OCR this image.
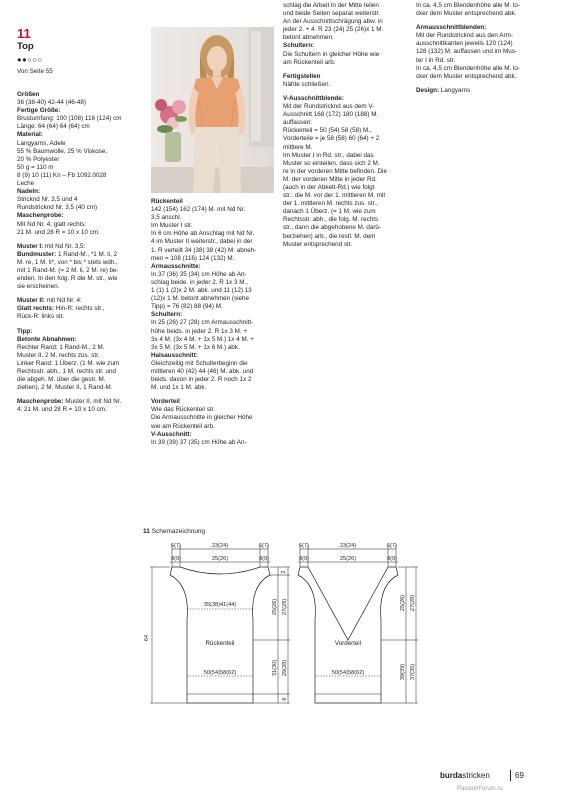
11
Top
●●○○○
Von Seite 55

Größen

36 (38-40) 42-44 (46-48)

Fertige Größe:

Brustumfang: 100 (108) 116 (124) cm

Länge: 64 (64) 64 (64) cm

Material:

Langyarns, Adele

55 % Baumwolle, 25 % Viskose,

20 % Polyester

50 g = 110 m

8 (9) 10 (11) Kn – Fb 1092.0028

Leche

Nadeln:

Stricknd Nr. 3,5 und 4

Rundstricknd Nr. 3,5 (40 cm)

Maschenprobe:

Mit Nd Nr. 4, glatt rechts:

21 M. und 28 R = 10 x 10 cm.

Muster I: mit Nd Nr. 3,5:

Bundmuster: 1 Rand-M., *1 M. li, 2

M. re, 1 M. li*, von * bis * stets wdh.,

mit 1 Rand-M. (= 2 M. li, 2 M. re) be-

enden. In den folg. R die M. str., wie

sie erscheinen.

Muster II: mit Nd Nr. 4:

Glatt rechts: Hin-R: rechts str.,

Rück-R: links str.

Tipp:

Betonte Abnahmen:

Rechter Rand: 1 Rand-M., 2 M.

Muster II, 2 M. rechts zus. str.

Linker Rand: 1 Überz. (1 M. wie zum

Rechtsstr. abh., 1 M. rechts str. und

die abgeh. M. über die gestr. M.

ziehen), 2 M. Muster II, 1 Rand-M.

Maschenprobe: Muster II, mit Nd Nr.

4: 21 M. und 28 R = 10 x 10 cm.

Rückenteil

142 (154) 162 (174) M. mit Nd Nr.

3,5 anschl.

Im Muster I str.

In 6 cm Höhe ab Anschlag mit Nd Nr.

4 im Muster II weiterstr., dabei in der

1. R verteilt 34 (38) 38 (42) M. abneh-

men = 108 (116) 124 (132) M.

Armausschnitte:

In 37 (36) 35 (34) cm Höhe ab An-

schlag beide. in jeder 2. R 1x 3 M.,

1 (1) 1 (2)x 2 M. abk. und 11 (12) 13

(12)x 1 M. betont abnehmen (siehe

Tipp) = 76 (82) 88 (94) M.

Schultern:

In 25 (26) 27 (28) cm Armausschnitt-

höhe beids. in jeder 2. R 1x 3 M. +

3x 4 M. (3x 4 M. + 1x 5 M.) 1x 4 M. +

3x 5 M. (3x 5 M. + 1x 6 M.) abk.

Halsausschnitt:

Gleichzeitig mit Schulterbeginn die

mittleren 40 (42) 44 (46) M. abk. und

beids. davon in jeder 2. R noch 1x 2

M. und 1x 1 M. abk.

Vorderteil

Wie das Rückenteil str.

Die Armausschnitte in gleicher Höhe

wie am Rückenteil arb.

V-Ausschnitt:

In 39 (39) 37 (35) cm Höhe ab An-

schlag die Arbeit in der Mitte teilen

und beide Seiten separat weiterstr.

An der Ausschnittschrägung abw. in

jeder 2. + 4. R 23 (24) 25 (26)x 1 M.

betont abnehmen.

Schultern:

Die Schultern in gleicher Höhe wie

am Rückenteil arb.

Fertigstellen

Nähte schließen.

V-Ausschnittblende:

Mit der Rundstricknd aus dem V-

Ausschnitt 168 (172) 180 (188) M.

auffassen:

Rückenteil = 50 (54) 58 (58) M.,

Vorderteile = je 58 (58) 60 (64) + 2

mittlere M.

Im Muster I in Rd. str., dabei das

Muster so einteilen, dass sich 2 M.

re in der vorderen Mitte befinden. Die

M. der vorderen Mitte in jeder Rd.

(auch in der Abkett-Rd.) wie folgt

str.: die M. vor der 1. mittleren M. mit

der 1. mittleren M. rechts zus. str.,

danach 1 Überz. (= 1 M. wie zum

Rechtsstr. abh., die folg. M. rechts

str., dann die abgehobene M. darü-

berziehen) arb., die restl. M. dem

Muster entsprechend str.

In ca. 4,5 cm Blendenhöhe alle M. lo-

cker dem Muster entsprechend abk.

Armausschnittblenden:

Mit der Rundstricknd aus den Arm-

ausschnittkanten jeweils 120 (124)

128 (132) M. auffassen und im Mus-

ter I in Rd. str.

In ca. 4,5 cm Blendenhöhe alle M. lo-

cker dem Muster entsprechend abk.

Design: Langyarns

11 Schemazeichnung
6(7)	23(24)	6(7)
8(9)	25(26)	8(9)
35(38)41(44)
Rückenteil
50(54)58(62)
64
2
25(26) 27(28)
31(30) 29(28)
6
6(7)	23(24)	6(7)
8(9)	25(26)	8(9)
Vorderteil
50(54)58(62)
25(26) 27(28)
39(39) 37(35)
burdastricken	69
PassionForum.ru
